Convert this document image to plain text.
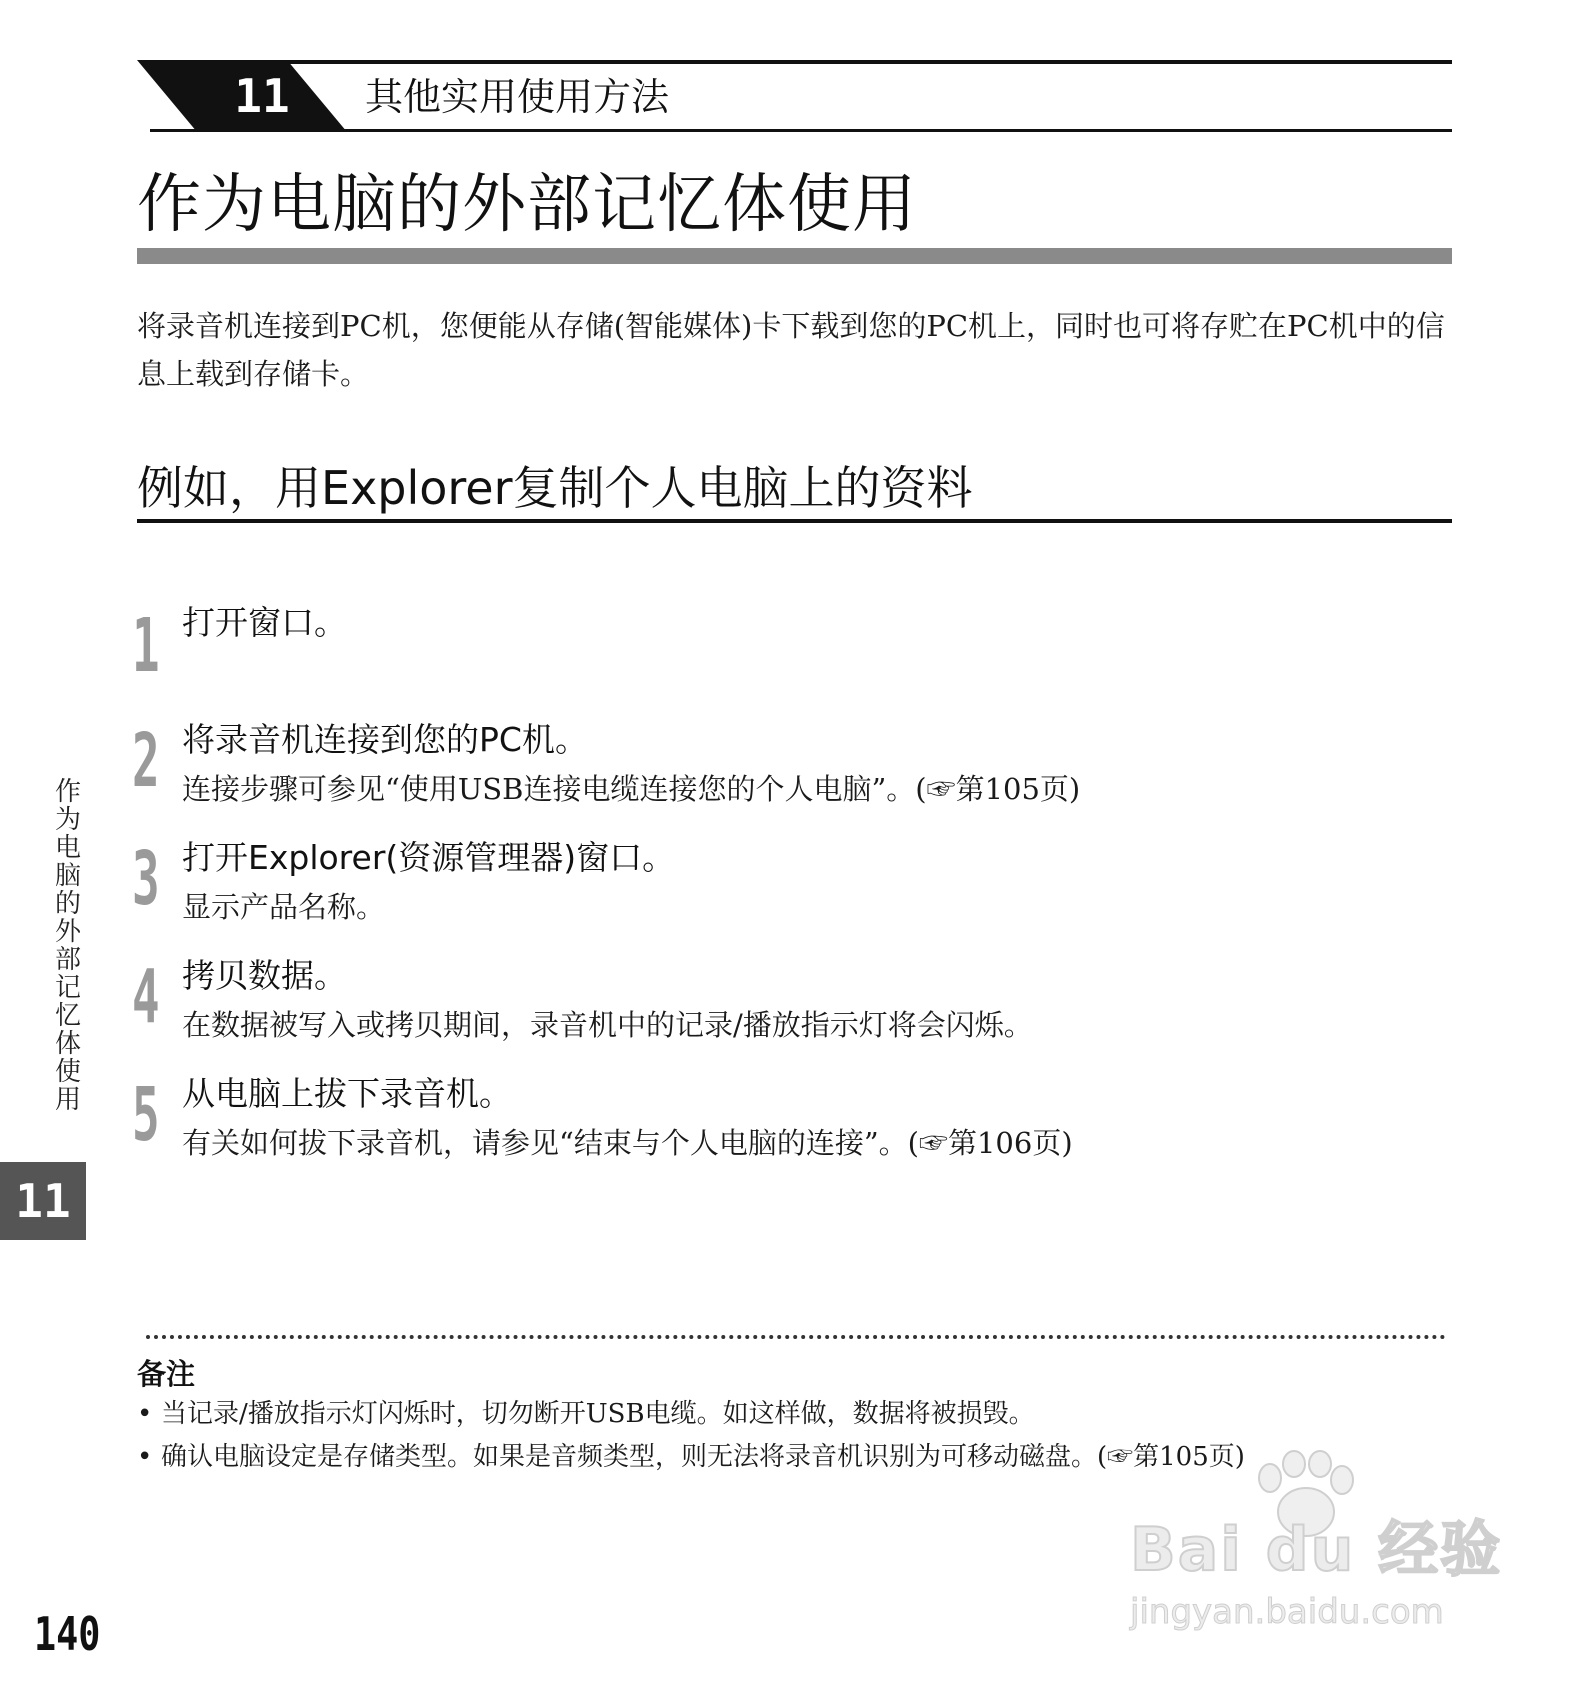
11	其他实用使用方法
作为电脑的外部记忆体使用
将录音机连接到PC机，您便能从存储(智能媒体)卡下载到您的PC机上，同时也可将存贮在PC机中的信息上载到存储卡。
例如，用Explorer复制个人电脑上的资料
1 打开窗口。
2 将录音机连接到您的PC机。
连接步骤可参见“使用USB连接电缆连接您的个人电脑”。(☞第105页)
3 打开Explorer(资源管理器)窗口。
显示产品名称。
4 拷贝数据。
在数据被写入或拷贝期间，录音机中的记录/播放指示灯将会闪烁。
5 从电脑上拔下录音机。
有关如何拔下录音机，请参见“结束与个人电脑的连接”。(☞第106页)
作为电脑的外部记忆体使用
11
备注
• 当记录/播放指示灯闪烁时，切勿断开USB电缆。如这样做，数据将被损毁。
• 确认电脑设定是存储类型。如果是音频类型，则无法将录音机识别为可移动磁盘。(☞第105页)
140
Bai du 经验
jingyan.baidu.com
